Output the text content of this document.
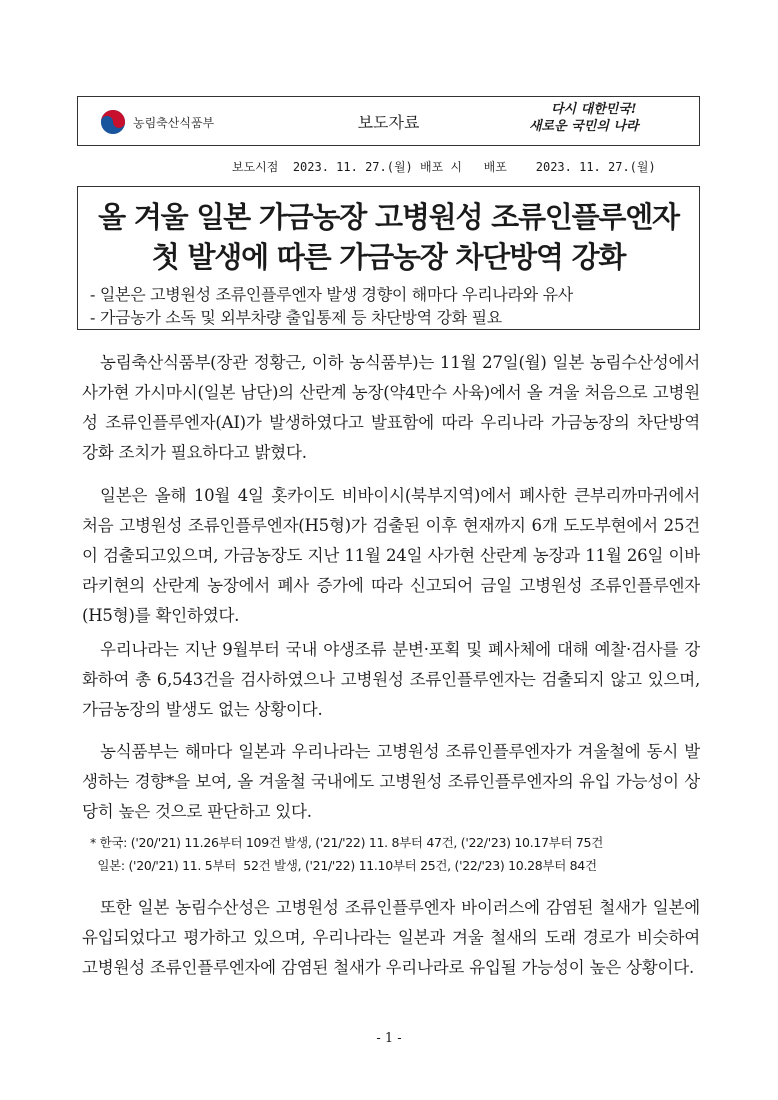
농림축산식품부	보도자료
다시 대한민국!
새로운 국민의 나라
보도시점  2023. 11. 27.(월) 배포 시   배포    2023. 11. 27.(월)
올 겨울 일본 가금농장 고병원성 조류인플루엔자
첫 발생에 따른 가금농장 차단방역 강화
- 일본은 고병원성 조류인플루엔자 발생 경향이 해마다 우리나라와 유사
- 가금농가 소독 및 외부차량 출입통제 등 차단방역 강화 필요
농림축산식품부(장관 정황근, 이하 농식품부)는 11월 27일(월) 일본 농림수산성에서 사가현 가시마시(일본 남단)의 산란계 농장(약4만수 사육)에서 올 겨울 처음으로 고병원성 조류인플루엔자(AI)가 발생하였다고 발표함에 따라 우리나라 가금농장의 차단방역 강화 조치가 필요하다고 밝혔다.
일본은 올해 10월 4일 홋카이도 비바이시(북부지역)에서 폐사한 큰부리까마귀에서 처음 고병원성 조류인플루엔자(H5형)가 검출된 이후 현재까지 6개 도도부현에서 25건이 검출되고있으며, 가금농장도 지난 11월 24일 사가현 산란계 농장과 11월 26일 이바라키현의 산란계 농장에서 폐사 증가에 따라 신고되어 금일 고병원성 조류인플루엔자(H5형)를 확인하였다.
우리나라는 지난 9월부터 국내 야생조류 분변·포획 및 폐사체에 대해 예찰·검사를 강화하여 총 6,543건을 검사하였으나 고병원성 조류인플루엔자는 검출되지 않고 있으며, 가금농장의 발생도 없는 상황이다.
농식품부는 해마다 일본과 우리나라는 고병원성 조류인플루엔자가 겨울철에 동시 발생하는 경향*을 보여, 올 겨울철 국내에도 고병원성 조류인플루엔자의 유입 가능성이 상당히 높은 것으로 판단하고 있다.
* 한국: ('20/'21) 11.26부터 109건 발생, ('21/'22) 11. 8부터 47건, ('22/'23) 10.17부터 75건
일본: ('20/'21) 11. 5부터  52건 발생, ('21/'22) 11.10부터 25건, ('22/'23) 10.28부터 84건
또한 일본 농림수산성은 고병원성 조류인플루엔자 바이러스에 감염된 철새가 일본에 유입되었다고 평가하고 있으며, 우리나라는 일본과 겨울 철새의 도래 경로가 비슷하여 고병원성 조류인플루엔자에 감염된 철새가 우리나라로 유입될 가능성이 높은 상황이다.
- 1 -
